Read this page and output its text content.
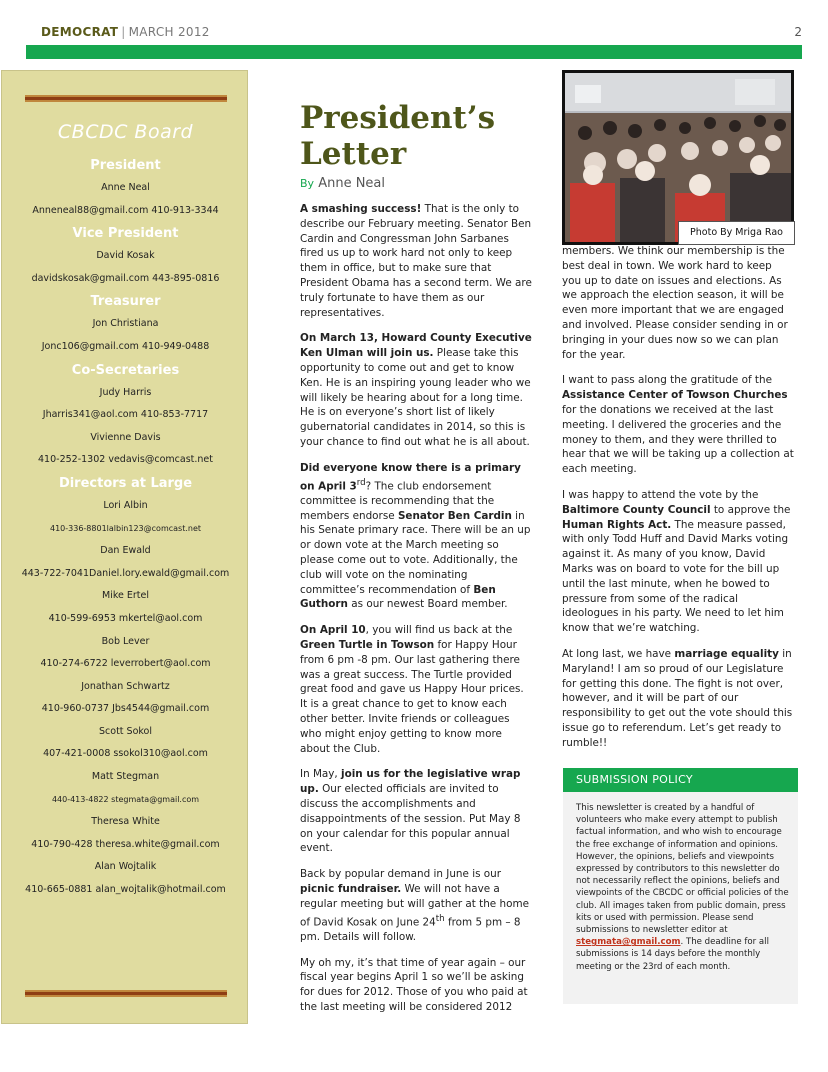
DEMOCRAT | MARCH 2012	2
CBCDC Board
President
Anne Neal
Anneneal88@gmail.com 410-913-3344
Vice President
David Kosak
davidskosak@gmail.com 443-895-0816
Treasurer
Jon Christiana
Jonc106@gmail.com 410-949-0488
Co-Secretaries
Judy Harris
Jharris341@aol.com 410-853-7717
Vivienne Davis
410-252-1302 vedavis@comcast.net
Directors at Large
Lori Albin
410-336-8801lalbin123@comcast.net
Dan Ewald
443-722-7041Daniel.lory.ewald@gmail.com
Mike Ertel
410-599-6953 mkertel@aol.com
Bob Lever
410-274-6722 leverrobert@aol.com
Jonathan Schwartz
410-960-0737 Jbs4544@gmail.com
Scott Sokol
407-421-0008 ssokol310@aol.com
Matt Stegman
440-413-4822 stegmata@gmail.com
Theresa White
410-790-428 theresa.white@gmail.com
Alan Wojtalik
410-665-0881 alan_wojtalik@hotmail.com
President’s Letter
By Anne Neal

A smashing success! That is the only to describe our February meeting. Senator Ben Cardin and Congressman John Sarbanes fired us up to work hard not only to keep them in office, but to make sure that President Obama has a second term. We are truly fortunate to have them as our representatives.

On March 13, Howard County Executive Ken Ulman will join us. Please take this opportunity to come out and get to know Ken. He is an inspiring young leader who we will likely be hearing about for a long time. He is on everyone’s short list of likely gubernatorial candidates in 2014, so this is your chance to find out what he is all about.

Did everyone know there is a primary on April 3rd? The club endorsement committee is recommending that the members endorse Senator Ben Cardin in his Senate primary race. There will be an up or down vote at the March meeting so please come out to vote. Additionally, the club will vote on the nominating committee’s recommendation of Ben Guthorn as our newest Board member.

On April 10, you will find us back at the Green Turtle in Towson for Happy Hour from 6 pm -8 pm. Our last gathering there was a great success. The Turtle provided great food and gave us Happy Hour prices. It is a great chance to get to know each other better. Invite friends or colleagues who might enjoy getting to know more about the Club.

In May, join us for the legislative wrap up. Our elected officials are invited to discuss the accomplishments and disappointments of the session. Put May 8 on your calendar for this popular annual event.

Back by popular demand in June is our picnic fundraiser. We will not have a regular meeting but will gather at the home of David Kosak on June 24th from 5 pm – 8 pm. Details will follow.

My oh my, it’s that time of year again – our fiscal year begins April 1 so we’ll be asking for dues for 2012. Those of you who paid at the last meeting will be considered 2012

Photo By Mriga Rao

members. We think our membership is the best deal in town. We work hard to keep you up to date on issues and elections. As we approach the election season, it will be even more important that we are engaged and involved. Please consider sending in or bringing in your dues now so we can plan for the year.

I want to pass along the gratitude of the Assistance Center of Towson Churches for the donations we received at the last meeting. I delivered the groceries and the money to them, and they were thrilled to hear that we will be taking up a collection at each meeting.

I was happy to attend the vote by the Baltimore County Council to approve the Human Rights Act. The measure passed, with only Todd Huff and David Marks voting against it. As many of you know, David Marks was on board to vote for the bill up until the last minute, when he bowed to pressure from some of the radical ideologues in his party. We need to let him know that we’re watching.

At long last, we have marriage equality in Maryland! I am so proud of our Legislature for getting this done. The fight is not over, however, and it will be part of our responsibility to get out the vote should this issue go to referendum. Let’s get ready to rumble!!

SUBMISSION POLICY
This newsletter is created by a handful of volunteers who make every attempt to publish factual information, and who wish to encourage the free exchange of information and opinions. However, the opinions, beliefs and viewpoints expressed by contributors to this newsletter do not necessarily reflect the opinions, beliefs and viewpoints of the CBCDC or official policies of the club. All images taken from public domain, press kits or used with permission. Please send submissions to newsletter editor at stegmata@gmail.com. The deadline for all submissions is 14 days before the monthly meeting or the 23rd of each month.
